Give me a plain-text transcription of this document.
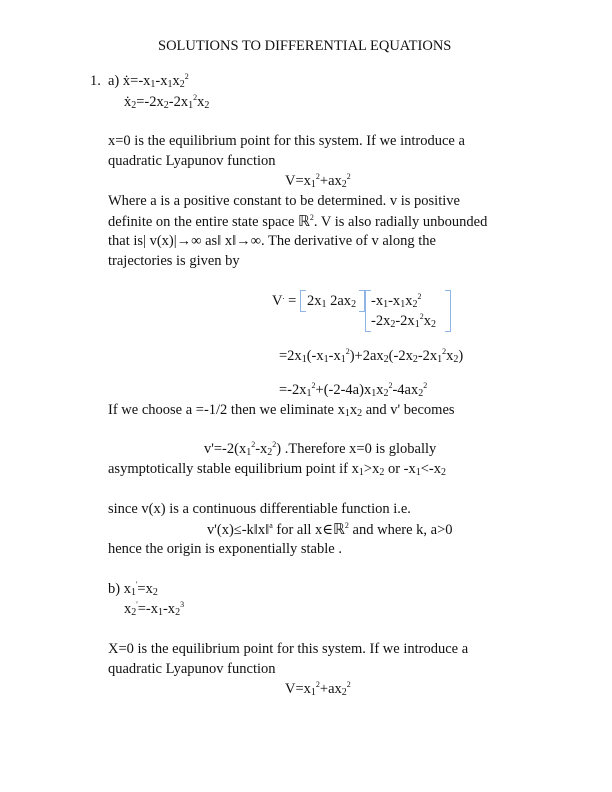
SOLUTIONS TO DIFFERENTIAL EQUATIONS
1. a) $ẋ=-x_1-x_1x_2^2$
$ẋ_2=-2x_2-2x_1^2x_2$
x=0 is the equilibrium point for this system. If we introduce a
quadratic Lyapunov function
$V=x_1^2+ax_2^2$
Where a is a positive constant to be determined. v is positive
definite on the entire state space ℝ$^2$. V is also radially unbounded
that is| v(x)|→∞ as‖ x‖→∞. The derivative of v along the
trajectories is given by
$V^. = 2x_1$ $2ax_2$ $-x_1-x_1x_2^2$
$-2x_2-2x_1^2x_2$
$=2x_1(-x_1-x_1^2)+2ax_2(-2x_2-2x_1^2x_2)$
$=-2x_1^2+(-2-4a)x_1x_2^2-4ax_2^2$
If we choose a =-1/2 then we eliminate $x_1x_2$ and v' becomes
$v'=-2(x_1^2-x_2^2)$ .Therefore x=0 is globally
asymptotically stable equilibrium point if $x_1>x_2$ or $-x_1<-x_2$
since v(x) is a continuous differentiable function i.e.
v'(x)≤-k‖x‖$^a$ for all x∈ℝ$^2$ and where k, a>0
hence the origin is exponentially stable .
b) $x_1'=x_2$
$x_2'=-x_1-x_2^3$
X=0 is the equilibrium point for this system. If we introduce a
quadratic Lyapunov function
$V=x_1^2+ax_2^2$
